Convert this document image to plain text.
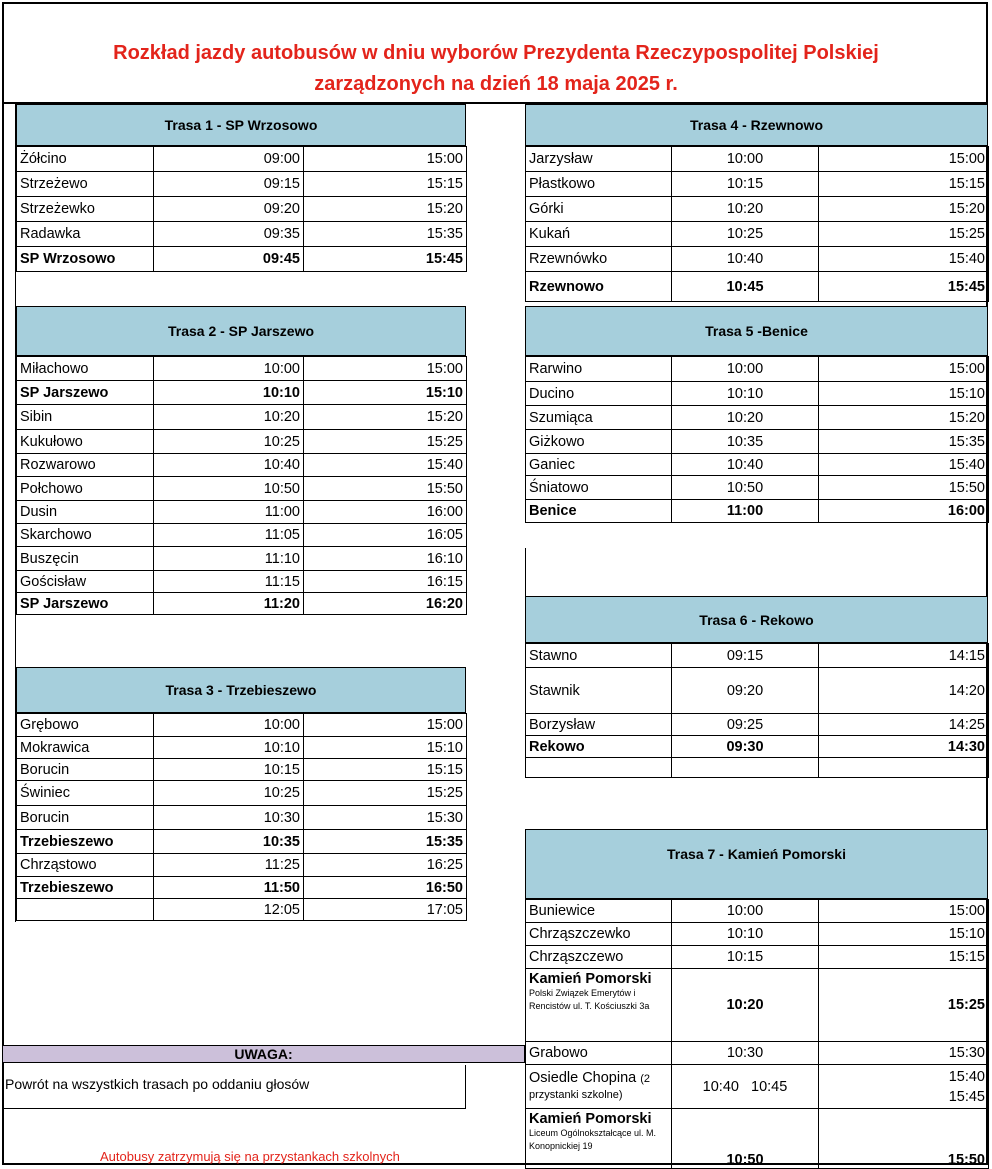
Rozkład jazdy autobusów w dniu wyborów Prezydenta Rzeczypospolitej Polskiej
zarządzonych na dzień 18 maja 2025 r.
Trasa 1 - SP Wrzosowo
Żółcino	09:00	15:00
Strzeżewo	09:15	15:15
Strzeżewko	09:20	15:20
Radawka	09:35	15:35
SP Wrzosowo	09:45	15:45
Trasa 2 - SP Jarszewo
Miłachowo	10:00	15:00
SP Jarszewo	10:10	15:10
Sibin	10:20	15:20
Kukułowo	10:25	15:25
Rozwarowo	10:40	15:40
Połchowo	10:50	15:50
Dusin	11:00	16:00
Skarchowo	11:05	16:05
Buszęcin	11:10	16:10
Gościsław	11:15	16:15
SP Jarszewo	11:20	16:20
Trasa 3 - Trzebieszewo
Grębowo	10:00	15:00
Mokrawica	10:10	15:10
Borucin	10:15	15:15
Świniec	10:25	15:25
Borucin	10:30	15:30
Trzebieszewo	10:35	15:35
Chrząstowo	11:25	16:25
Trzebieszewo	11:50	16:50
	12:05	17:05
Trasa 4 - Rzewnowo
Jarzysław	10:00	15:00
Płastkowo	10:15	15:15
Górki	10:20	15:20
Kukań	10:25	15:25
Rzewnówko	10:40	15:40
Rzewnowo	10:45	15:45
Trasa 5 -Benice
Rarwino	10:00	15:00
Ducino	10:10	15:10
Szumiąca	10:20	15:20
Giżkowo	10:35	15:35
Ganiec	10:40	15:40
Śniatowo	10:50	15:50
Benice	11:00	16:00
Trasa 6 - Rekowo
Stawno	09:15	14:15
Stawnik	09:20	14:20
Borzysław	09:25	14:25
Rekowo	09:30	14:30

Trasa 7 - Kamień Pomorski
Buniewice	10:00	15:00
Chrząszczewko	10:10	15:10
Chrząszczewo	10:15	15:15
Kamień Pomorski
Polski Związek Emerytów i Rencistów ul. T. Kościuszki 3a	10:20	15:25
Grabowo	10:30	15:30
Osiedle Chopina (2 przystanki szkolne)	10:40   10:45	15:40
15:45

Kamień Pomorski
Liceum Ogólnokształcące ul. M. Konopnickiej 19	10:50	15:50
UWAGA:
Powrót na wszystkich trasach po oddaniu głosów
Autobusy zatrzymują się na przystankach szkolnych
